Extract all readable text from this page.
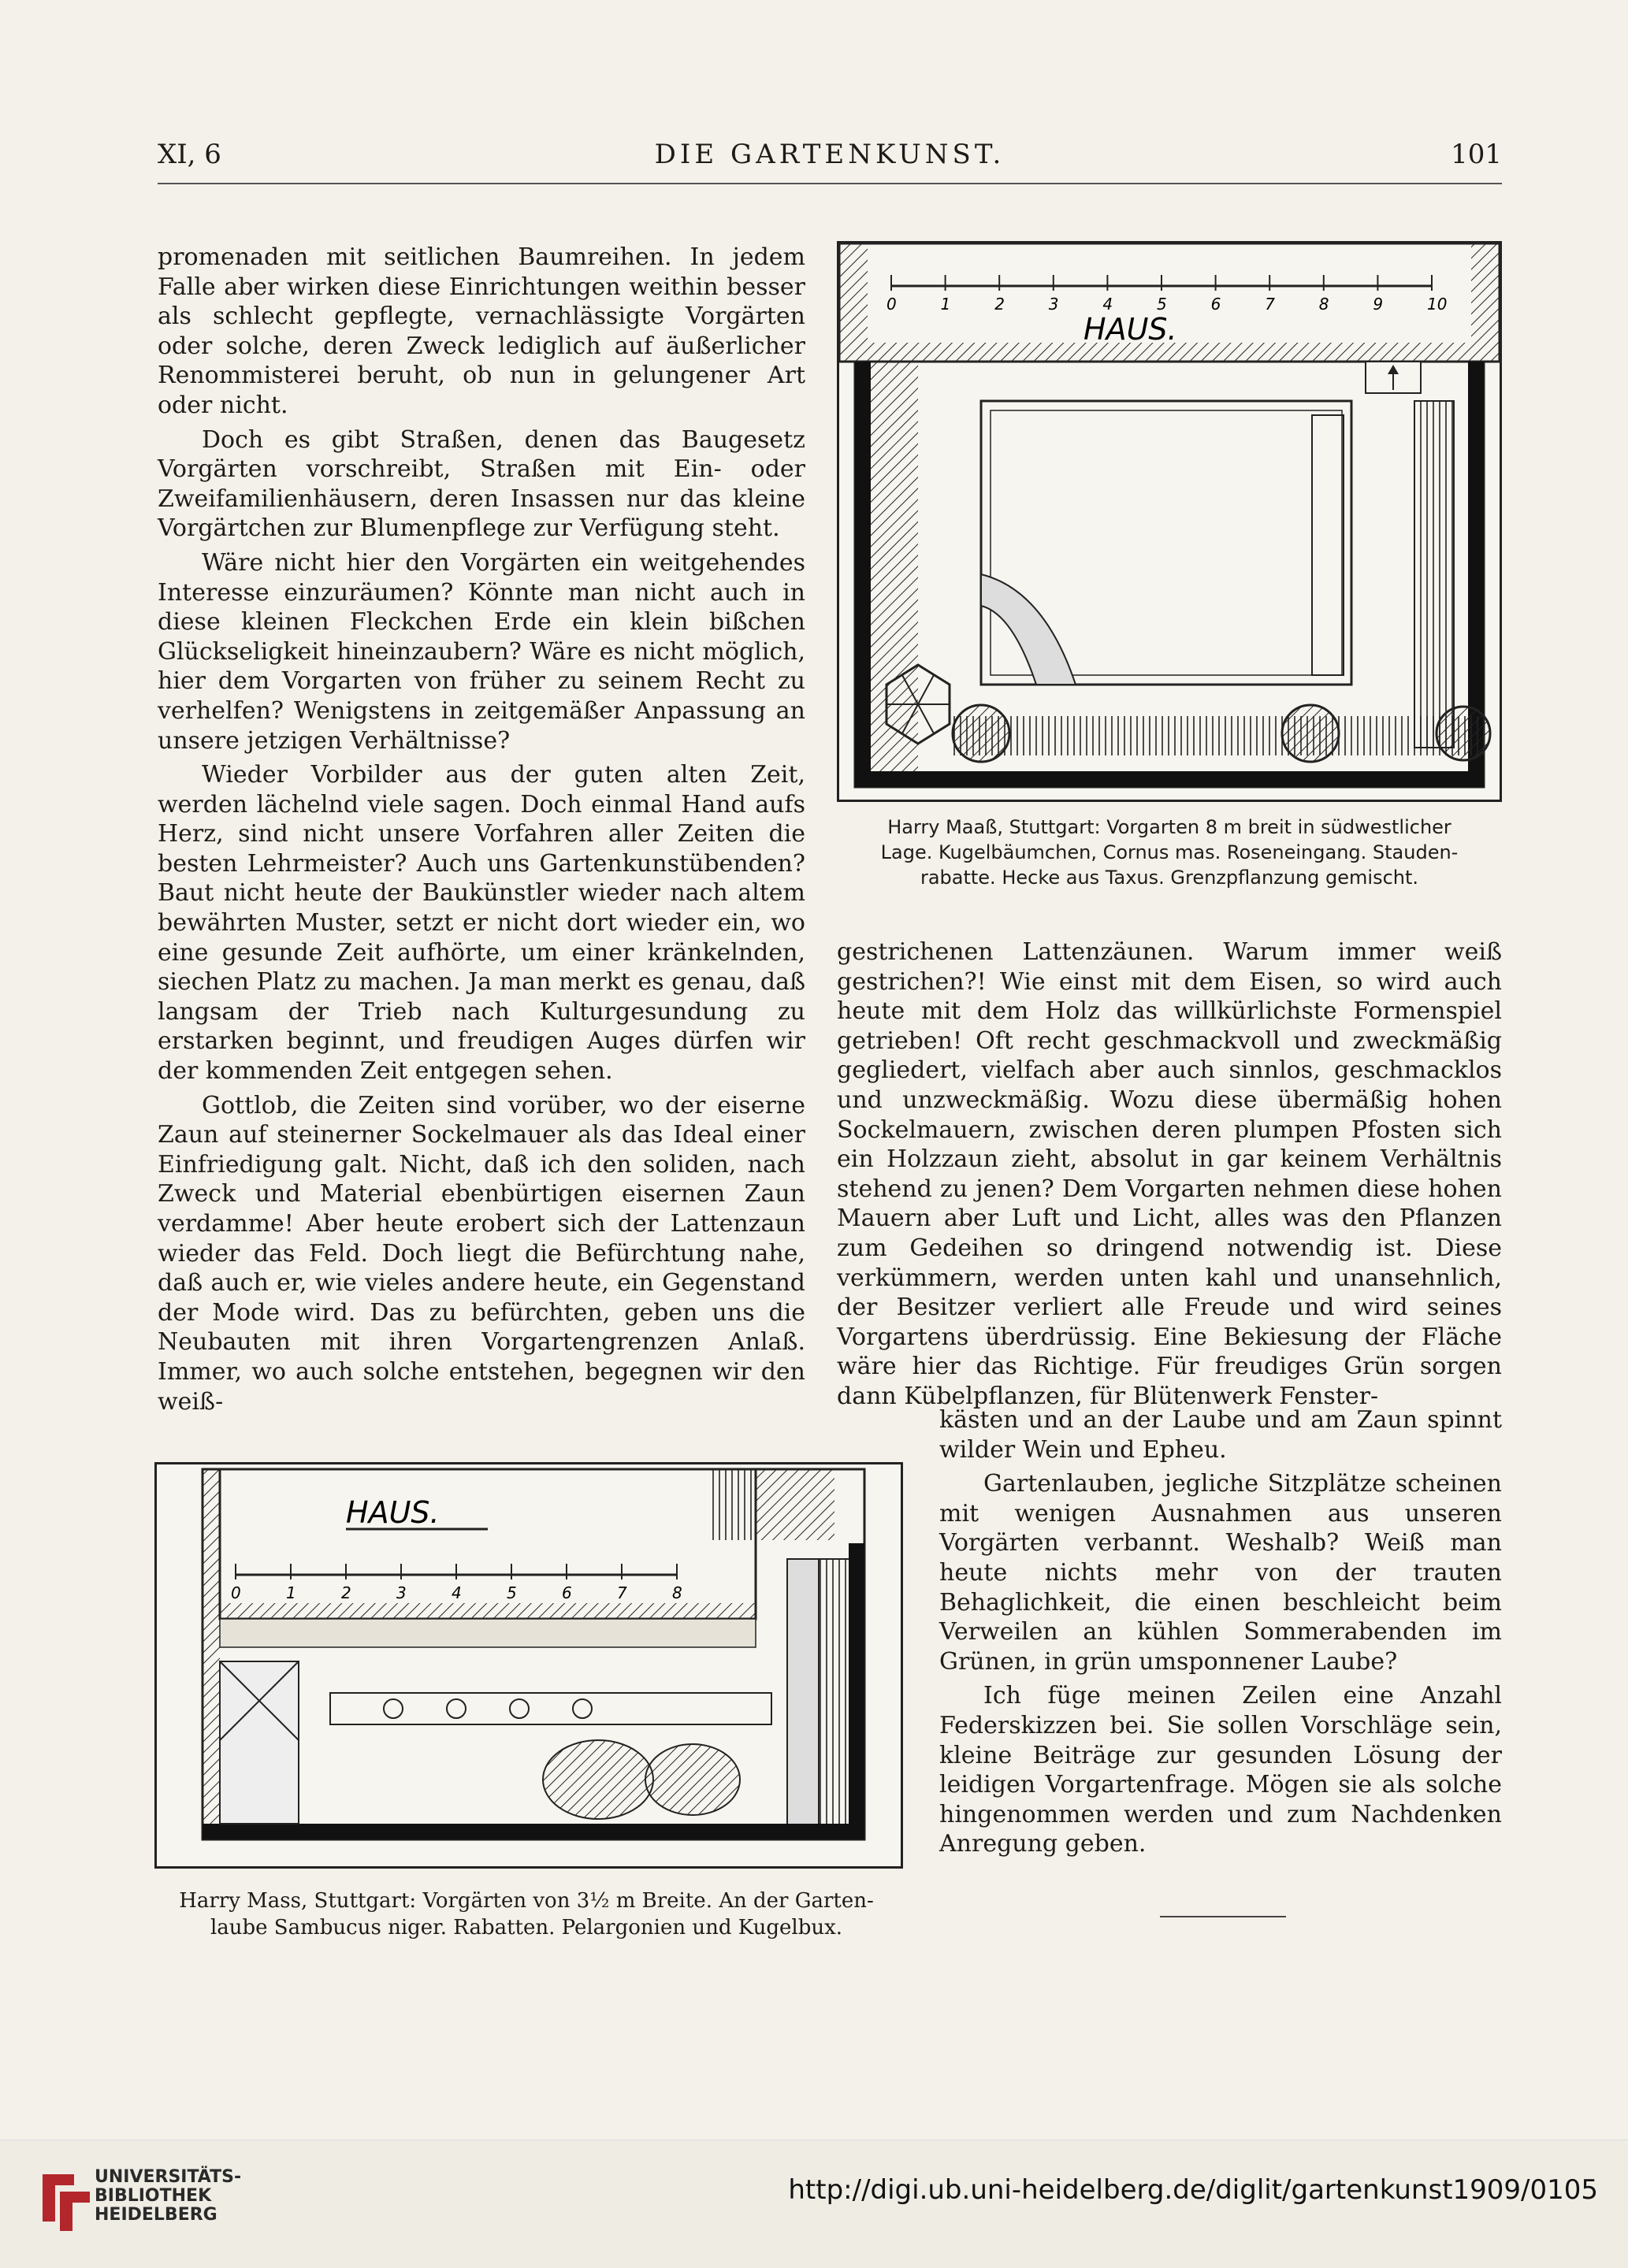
XI, 6	DIE GARTENKUNST.	101

promenaden mit seitlichen Baumreihen. In jedem Falle aber wirken diese Einrichtungen weithin besser als schlecht gepflegte, vernachlässigte Vorgärten oder solche, deren Zweck lediglich auf äußerlicher Renommisterei beruht, ob nun in gelungener Art oder nicht.

Doch es gibt Straßen, denen das Baugesetz Vorgärten vorschreibt, Straßen mit Ein- oder Zweifamilienhäusern, deren Insassen nur das kleine Vorgärtchen zur Blumenpflege zur Verfügung steht.

Wäre nicht hier den Vorgärten ein weitgehendes Interesse einzuräumen? Könnte man nicht auch in diese kleinen Fleckchen Erde ein klein bißchen Glückseligkeit hineinzaubern? Wäre es nicht möglich, hier dem Vorgarten von früher zu seinem Recht zu verhelfen? Wenigstens in zeitgemäßer Anpassung an unsere jetzigen Verhältnisse?

Wieder Vorbilder aus der guten alten Zeit, werden lächelnd viele sagen. Doch einmal Hand aufs Herz, sind nicht unsere Vorfahren aller Zeiten die besten Lehrmeister? Auch uns Gartenkunstübenden? Baut nicht heute der Baukünstler wieder nach altem bewährten Muster, setzt er nicht dort wieder ein, wo eine gesunde Zeit aufhörte, um einer kränkelnden, siechen Platz zu machen. Ja man merkt es genau, daß langsam der Trieb nach Kulturgesundung zu erstarken beginnt, und freudigen Auges dürfen wir der kommenden Zeit entgegen sehen.

Gottlob, die Zeiten sind vorüber, wo der eiserne Zaun auf steinerner Sockelmauer als das Ideal einer Einfriedigung galt. Nicht, daß ich den soliden, nach Zweck und Material ebenbürtigen eisernen Zaun verdamme! Aber heute erobert sich der Lattenzaun wieder das Feld. Doch liegt die Befürchtung nahe, daß auch er, wie vieles andere heute, ein Gegenstand der Mode wird. Das zu befürchten, geben uns die Neubauten mit ihren Vorgartengrenzen Anlaß. Immer, wo auch solche entstehen, begegnen wir den weiß-

0	1	2	3	4	5	6	7	8	9	10
HAUS.
Harry Maaß, Stuttgart: Vorgarten 8 m breit in südwestlicher
Lage. Kugelbäumchen, Cornus mas. Roseneingang. Stauden-
rabatte. Hecke aus Taxus. Grenzpflanzung gemischt.

gestrichenen Lattenzäunen. Warum immer weiß gestrichen?! Wie einst mit dem Eisen, so wird auch heute mit dem Holz das willkürlichste Formenspiel getrieben! Oft recht geschmackvoll und zweckmäßig gegliedert, vielfach aber auch sinnlos, geschmacklos und unzweckmäßig. Wozu diese übermäßig hohen Sockelmauern, zwischen deren plumpen Pfosten sich ein Holzzaun zieht, absolut in gar keinem Verhältnis stehend zu jenen? Dem Vorgarten nehmen diese hohen Mauern aber Luft und Licht, alles was den Pflanzen zum Gedeihen so dringend notwendig ist. Diese verkümmern, werden unten kahl und unansehnlich, der Besitzer verliert alle Freude und wird seines Vorgartens überdrüssig. Eine Bekiesung der Fläche wäre hier das Richtige. Für freudiges Grün sorgen dann Kübelpflanzen, für Blütenwerk Fenster-

kästen und an der Laube und am Zaun spinnt wilder Wein und Epheu.

Gartenlauben, jegliche Sitzplätze scheinen mit wenigen Ausnahmen aus unseren Vorgärten verbannt. Weshalb? Weiß man heute nichts mehr von der trauten Behaglichkeit, die einen beschleicht beim Verweilen an kühlen Sommerabenden im Grünen, in grün umsponnener Laube?

Ich füge meinen Zeilen eine Anzahl Federskizzen bei. Sie sollen Vorschläge sein, kleine Beiträge zur gesunden Lösung der leidigen Vorgartenfrage. Mögen sie als solche hingenommen werden und zum Nachdenken Anregung geben.

HAUS.
0	1	2	3	4	5	6	7	8
Harry Mass, Stuttgart: Vorgärten von 3½ m Breite. An der Garten-
laube Sambucus niger. Rabatten. Pelargonien und Kugelbux.
UNIVERSITÄTS-
BIBLIOTHEK
HEIDELBERG
http://digi.ub.uni-heidelberg.de/diglit/gartenkunst1909/0105
